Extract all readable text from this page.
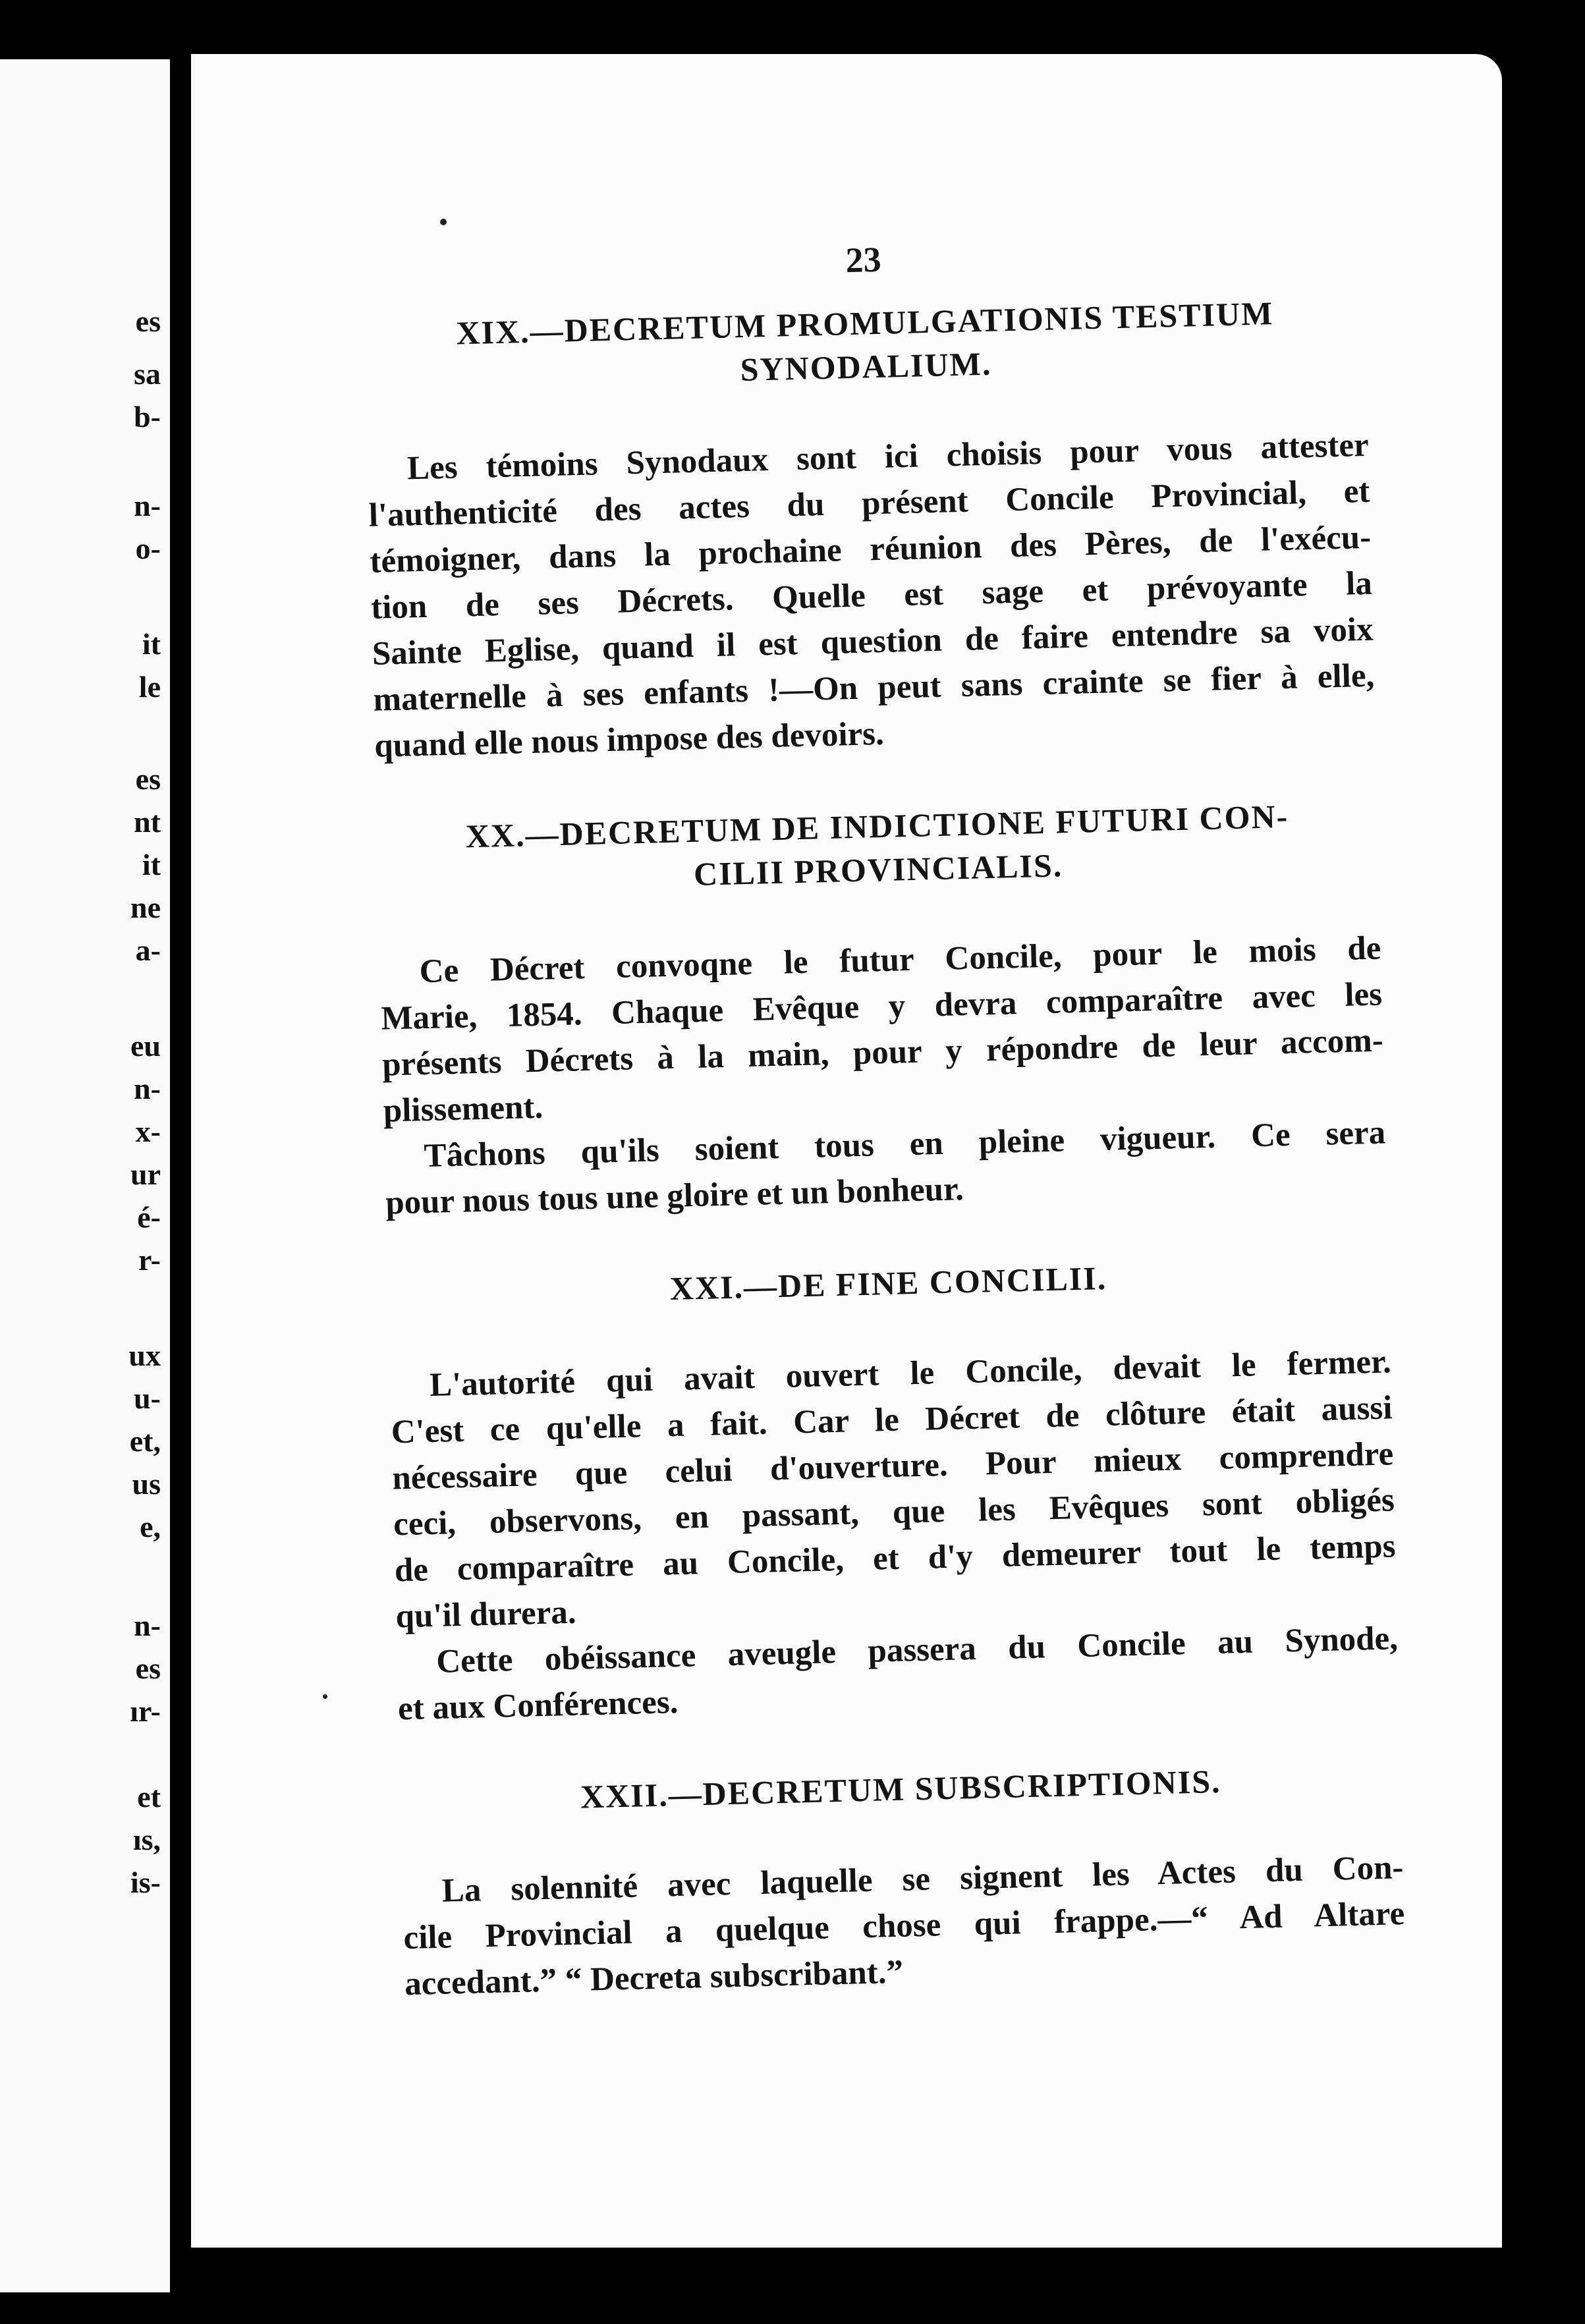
es
sa
b-
n-
o-
it
le
es
nt
it
ne
a-
eu
n-
x-
ur
é-
r-
ux
u-
et,
us
e,
n-
es
ır-
et
ıs,
is-
23
XIX.—DECRETUM PROMULGATIONIS TESTIUM
SYNODALIUM.

Les témoins Synodaux sont ici choisis pour vous attester
l'authenticité des actes du présent Concile Provincial, et
témoigner, dans la prochaine réunion des Pères, de l'exécu-
tion de ses Décrets. Quelle est sage et prévoyante la
Sainte Eglise, quand il est question de faire entendre sa voix
maternelle à ses enfants !—On peut sans crainte se fier à elle,
quand elle nous impose des devoirs.

XX.—DECRETUM DE INDICTIONE FUTURI CON-
CILII PROVINCIALIS.

Ce Décret convoqne le futur Concile, pour le mois de
Marie, 1854. Chaque Evêque y devra comparaître avec les
présents Décrets à la main, pour y répondre de leur accom-
plissement.

Tâchons qu'ils soient tous en pleine vigueur. Ce sera
pour nous tous une gloire et un bonheur.

XXI.—DE FINE CONCILII.

L'autorité qui avait ouvert le Concile, devait le fermer.
C'est ce qu'elle a fait. Car le Décret de clôture était aussi
nécessaire que celui d'ouverture. Pour mieux comprendre
ceci, observons, en passant, que les Evêques sont obligés
de comparaître au Concile, et d'y demeurer tout le temps
qu'il durera.

Cette obéissance aveugle passera du Concile au Synode,
et aux Conférences.

XXII.—DECRETUM SUBSCRIPTIONIS.

La solennité avec laquelle se signent les Actes du Con-
cile Provincial a quelque chose qui frappe.—“ Ad Altare
accedant.” “ Decreta subscribant.”
